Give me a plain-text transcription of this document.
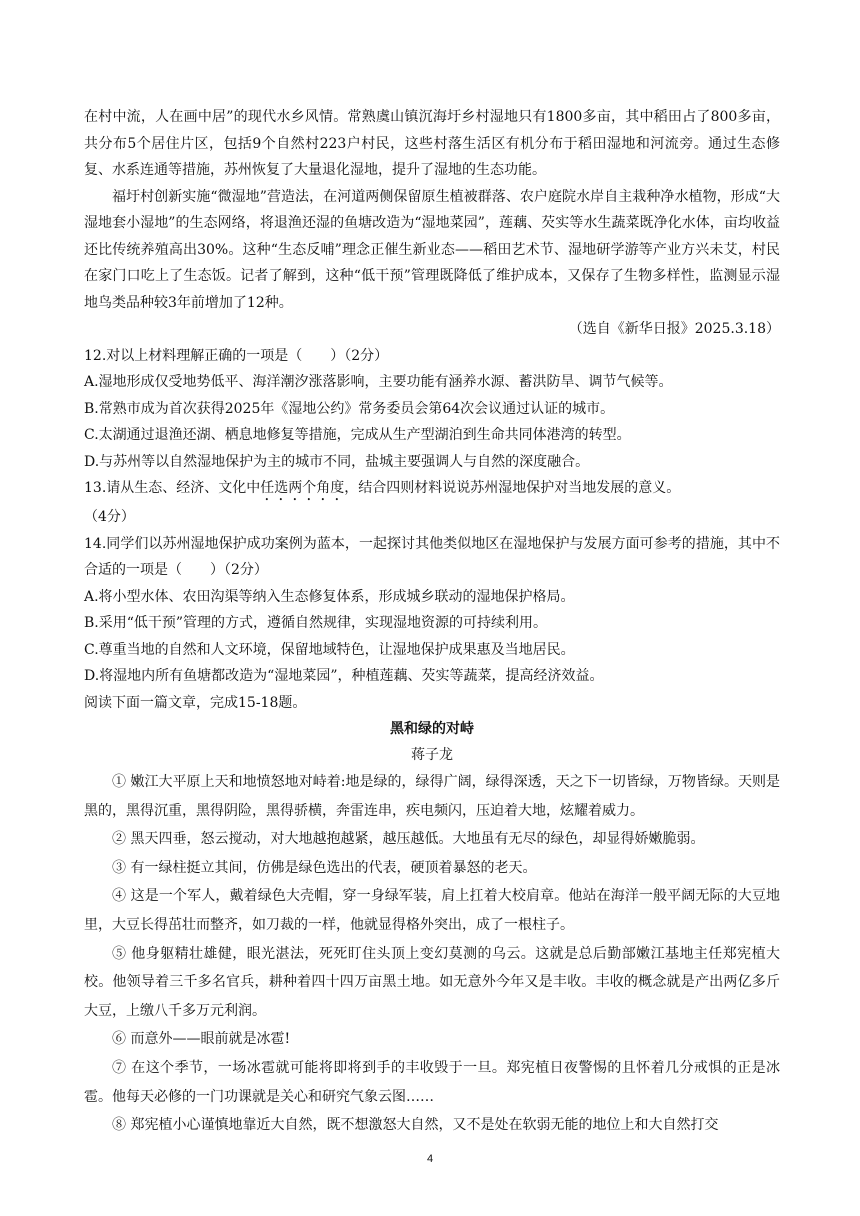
在村中流，人在画中居”的现代水乡风情。常熟虞山镇沉海圩乡村湿地只有1800多亩，其中稻田占了800多亩，共分布5个居住片区，包括9个自然村223户村民，这些村落生活区有机分布于稻田湿地和河流旁。通过生态修复、水系连通等措施，苏州恢复了大量退化湿地，提升了湿地的生态功能。

福圩村创新实施“微湿地”营造法，在河道两侧保留原生植被群落、农户庭院水岸自主栽种净水植物，形成“大湿地套小湿地”的生态网络，将退渔还湿的鱼塘改造为“湿地菜园”，莲藕、芡实等水生蔬菜既净化水体，亩均收益还比传统养殖高出30%。这种“生态反哺”理念正催生新业态——稻田艺术节、湿地研学游等产业方兴未艾，村民在家门口吃上了生态饭。记者了解到，这种“低干预”管理既降低了维护成本，又保存了生物多样性，监测显示湿地鸟类品种较3年前增加了12种。

（选自《新华日报》2025.3.18）

12.对以上材料理解正确的一项是（　　）（2分）

A.湿地形成仅受地势低平、海洋潮汐涨落影响，主要功能有涵养水源、蓄洪防旱、调节气候等。

B.常熟市成为首次获得2025年《湿地公约》常务委员会第64次会议通过认证的城市。

C.太湖通过退渔还湖、栖息地修复等措施，完成从生产型湖泊到生命共同体港湾的转型。

D.与苏州等以自然湿地保护为主的城市不同，盐城主要强调人与自然的深度融合。

13.请从生态、经济、文化中任选两个角度，结合四则材料说说苏州湿地保护对当地发展的意义。

（4分）

14.同学们以苏州湿地保护成功案例为蓝本，一起探讨其他类似地区在湿地保护与发展方面可参考的措施，其中不合适的一项是（　　）（2分）

A.将小型水体、农田沟渠等纳入生态修复体系，形成城乡联动的湿地保护格局。

B.采用“低干预”管理的方式，遵循自然规律，实现湿地资源的可持续利用。

C.尊重当地的自然和人文环境，保留地域特色，让湿地保护成果惠及当地居民。

D.将湿地内所有鱼塘都改造为“湿地菜园”，种植莲藕、芡实等蔬菜，提高经济效益。

阅读下面一篇文章，完成15-18题。

黑和绿的对峙

蒋子龙

① 嫩江大平原上天和地愤怒地对峙着:地是绿的，绿得广阔，绿得深透，天之下一切皆绿，万物皆绿。天则是黑的，黑得沉重，黑得阴险，黑得骄横，奔雷连串，疾电频闪，压迫着大地，炫耀着威力。

② 黑天四垂，怒云搅动，对大地越抱越紧，越压越低。大地虽有无尽的绿色，却显得娇嫩脆弱。

③ 有一绿柱挺立其间，仿佛是绿色选出的代表，硬顶着暴怒的老天。

④ 这是一个军人，戴着绿色大壳帽，穿一身绿军装，肩上扛着大校肩章。他站在海洋一般平阔无际的大豆地里，大豆长得茁壮而整齐，如刀裁的一样，他就显得格外突出，成了一根柱子。

⑤ 他身躯精壮雄健，眼光湛法，死死盯住头顶上变幻莫测的乌云。这就是总后勤部嫩江基地主任郑宪植大校。他领导着三千多名官兵，耕种着四十四万亩黑土地。如无意外今年又是丰收。丰收的概念就是产出两亿多斤大豆，上缴八千多万元利润。

⑥ 而意外——眼前就是冰雹!

⑦ 在这个季节，一场冰雹就可能将即将到手的丰收毁于一旦。郑宪植日夜警惕的且怀着几分戒惧的正是冰雹。他每天必修的一门功课就是关心和研究气象云图……

⑧ 郑宪植小心谨慎地靠近大自然，既不想激怒大自然，又不是处在软弱无能的地位上和大自然打交

4
